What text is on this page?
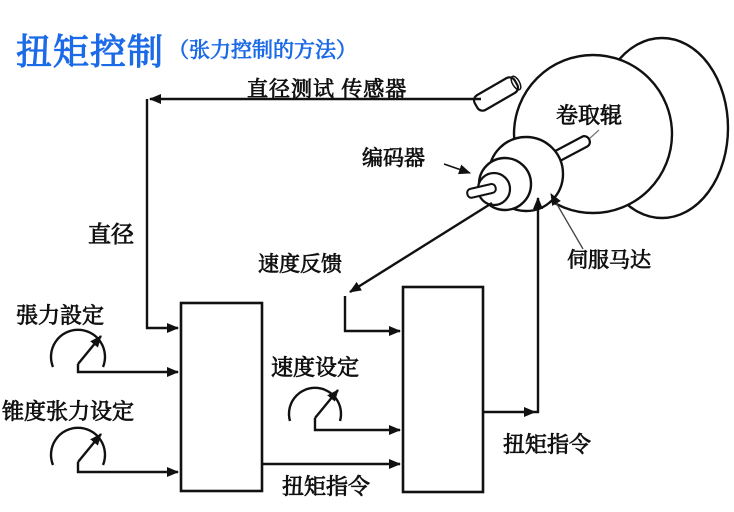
扭矩控制 （张力控制的方法）
直径测试 传感器
卷取辊
编码器
伺服马达
直径
速度反馈
張力設定
锥度张力设定
速度设定
扭矩指令
扭矩指令
